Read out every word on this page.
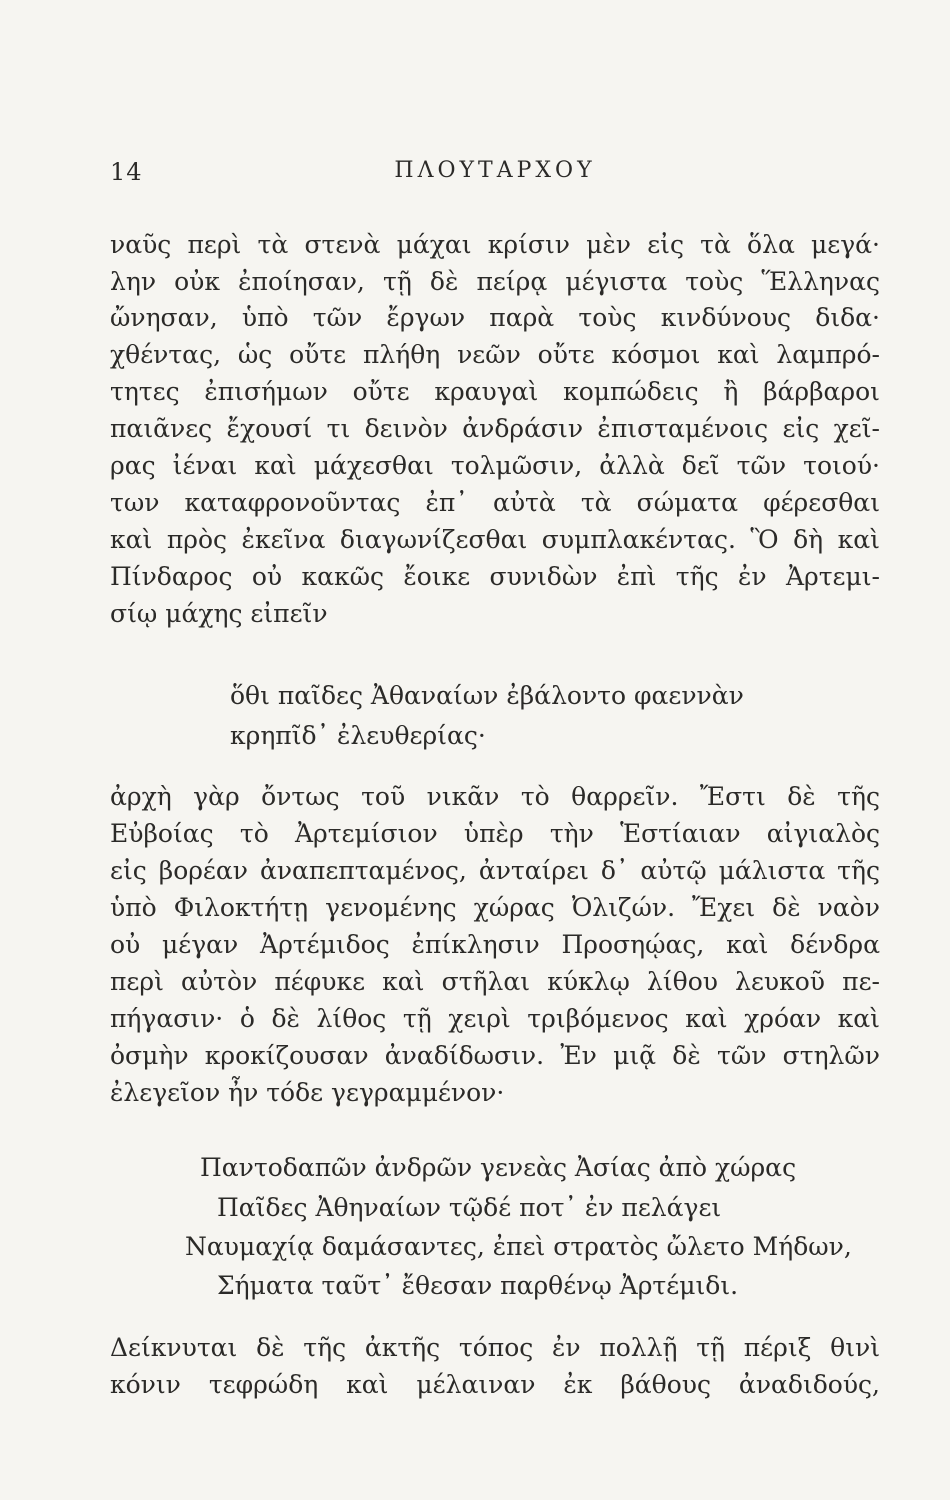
14	ΠΛΟΥΤΑΡΧΟΥ
ναῦς περὶ τὰ στενὰ μάχαι κρίσιν μὲν εἰς τὰ ὅλα μεγά·
λην οὐκ ἐποίησαν, τῇ δὲ πείρᾳ μέγιστα τοὺς Ἕλληνας
ὤνησαν, ὑπὸ τῶν ἔργων παρὰ τοὺς κινδύνους διδα·
χθέντας, ὡς οὔτε πλήθη νεῶν οὔτε κόσμοι καὶ λαμπρό-
τητες ἐπισήμων οὔτε κραυγαὶ κομπώδεις ἢ βάρβαροι
παιᾶνες ἔχουσί τι δεινὸν ἀνδράσιν ἐπισταμένοις εἰς χεῖ-
ρας ἰέναι καὶ μάχεσθαι τολμῶσιν, ἀλλὰ δεῖ τῶν τοιού·
των καταφρονοῦντας ἐπ᾽ αὐτὰ τὰ σώματα φέρεσθαι
καὶ πρὸς ἐκεῖνα διαγωνίζεσθαι συμπλακέντας. Ὃ δὴ καὶ
Πίνδαρος οὐ κακῶς ἔοικε συνιδὼν ἐπὶ τῆς ἐν Ἀρτεμι-
σίῳ μάχης εἰπεῖν
ὅθι παῖδες Ἀθαναίων ἐβάλοντο φαεννὰν
κρηπῖδ᾽ ἐλευθερίας·
ἀρχὴ γὰρ ὄντως τοῦ νικᾶν τὸ θαρρεῖν. Ἔστι δὲ τῆς
Εὐβοίας τὸ Ἀρτεμίσιον ὑπὲρ τὴν Ἑστίαιαν αἰγιαλὸς
εἰς βορέαν ἀναπεπταμένος, ἀνταίρει δ᾽ αὐτῷ μάλιστα τῆς
ὑπὸ Φιλοκτήτῃ γενομένης χώρας Ὀλιζών. Ἔχει δὲ ναὸν
οὐ μέγαν Ἀρτέμιδος ἐπίκλησιν Προσηῴας, καὶ δένδρα
περὶ αὐτὸν πέφυκε καὶ στῆλαι κύκλῳ λίθου λευκοῦ πε-
πήγασιν· ὁ δὲ λίθος τῇ χειρὶ τριβόμενος καὶ χρόαν καὶ
ὀσμὴν κροκίζουσαν ἀναδίδωσιν. Ἐν μιᾷ δὲ τῶν στηλῶν
ἐλεγεῖον ἦν τόδε γεγραμμένον·
Παντοδαπῶν ἀνδρῶν γενεὰς Ἀσίας ἀπὸ χώρας
Παῖδες Ἀθηναίων τῷδέ ποτ᾽ ἐν πελάγει
Ναυμαχίᾳ δαμάσαντες, ἐπεὶ στρατὸς ὤλετο Μήδων,
Σήματα ταῦτ᾽ ἔθεσαν παρθένῳ Ἀρτέμιδι.
Δείκνυται δὲ τῆς ἀκτῆς τόπος ἐν πολλῇ τῇ πέριξ θινὶ
κόνιν τεφρώδη καὶ μέλαιναν ἐκ βάθους ἀναδιδούς,
